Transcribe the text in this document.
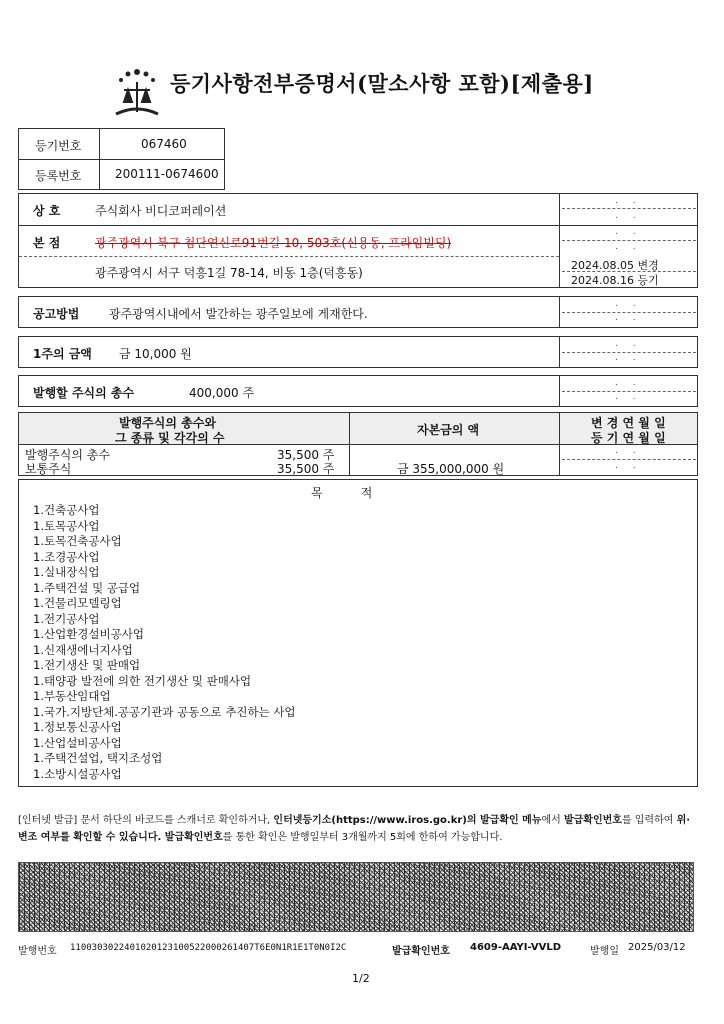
등기사항전부증명서(말소사항 포함)[제출용]
등기번호	067460
등록번호	200111-0674600
상 호	주식회사 비디코퍼레이션
본 점	광주광역시 북구 첨단연신로91번길 10, 503호(신용동, 프라임빌딩)
광주광역시 서구 덕흥1길 78-14, 비동 1층(덕흥동)
. .
. .
. .
. .
2024.08.05 변경
2024.08.16 등기
공고방법 광주광역시내에서 발간하는 광주일보에 게재한다.
. .
. .
1주의 금액 금 10,000 원
. .
. .
발행할 주식의 총수	400,000 주
. .
. .
발행주식의 총수와
그 종류 및 각각의 수
자본금의 액	변 경 연 월 일
등 기 연 월 일
발행주식의 총수	35,500 주
보통주식	35,500 주	금 355,000,000 원
. .
. .
목          적
1.건축공사업
1.토목공사업
1.토목건축공사업
1.조경공사업
1.실내장식업
1.주택건설 및 공급업
1.건물리모델링업
1.전기공사업
1.산업환경설비공사업
1.신재생에너지사업
1.전기생산 및 판매업
1.태양광 발전에 의한 전기생산 및 판매사업
1.부동산임대업
1.국가.지방단체.공공기관과 공동으로 추진하는 사업
1.정보통신공사업
1.산업설비공사업
1.주택건설업, 택지조성업
1.소방시설공사업
[인터넷 발급] 문서 하단의 바코드를 스캐너로 확인하거나, 인터넷등기소(https://www.iros.go.kr)의 발급확인 메뉴에서 발급확인번호를 입력하여 위·변조 여부를 확인할 수 있습니다. 발급확인번호를 통한 확인은 발행일부터 3개월까지 5회에 한하여 가능합니다.
발행번호 11003030224010201231005220002614​07T6E0N1R1E1T0N0I2C	발급확인번호 4609-AAYI-VVLD	발행일 2025/03/12
1/2
